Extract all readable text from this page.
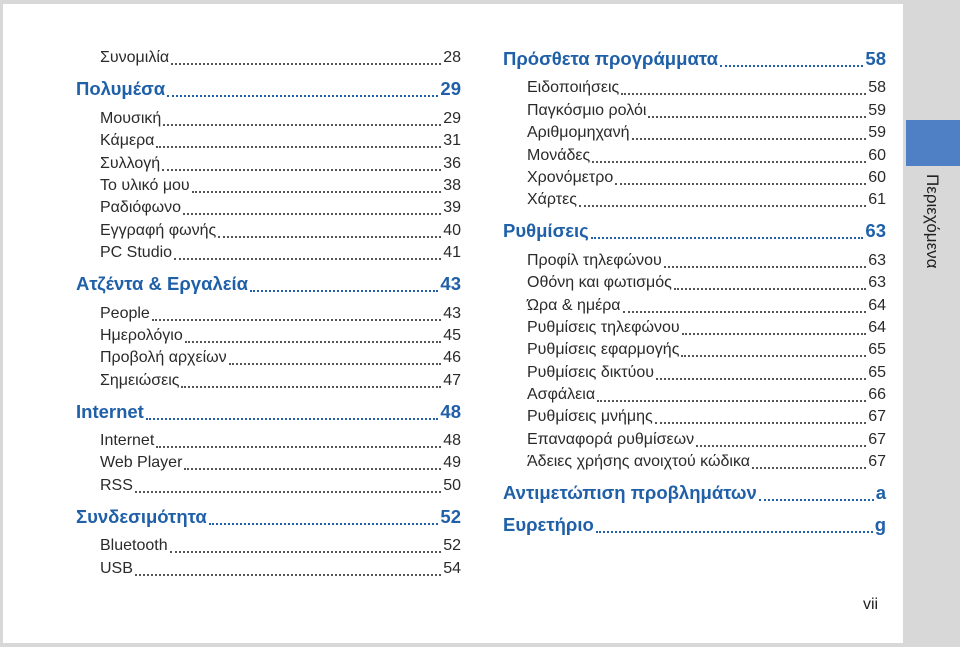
Συνομιλία	28
Πολυμέσα	29
Μουσική	29
Κάμερα	31
Συλλογή	36
Το υλικό μου	38
Ραδιόφωνο	39
Εγγραφή φωνής	40
PC Studio	41
Ατζέντα & Εργαλεία	43
People	43
Ημερολόγιο	45
Προβολή αρχείων	46
Σημειώσεις	47
Internet	48
Internet	48
Web Player	49
RSS	50
Συνδεσιμότητα	52
Bluetooth	52
USB	54
Πρόσθετα προγράμματα	58
Ειδοποιήσεις	58
Παγκόσμιο ρολόι	59
Αριθμομηχανή	59
Μονάδες	60
Χρονόμετρο	60
Χάρτες	61
Ρυθμίσεις	63
Προφίλ τηλεφώνου	63
Οθόνη και φωτισμός	63
Ώρα & ημέρα	64
Ρυθμίσεις τηλεφώνου	64
Ρυθμίσεις εφαρμογής	65
Ρυθμίσεις δικτύου	65
Ασφάλεια	66
Ρυθμίσεις μνήμης	67
Επαναφορά ρυθμίσεων	67
Άδειες χρήσης ανοιχτού κώδικα	67
Αντιμετώπιση προβλημάτων	a
Ευρετήριο	g
vii
Περιεχόμενα
